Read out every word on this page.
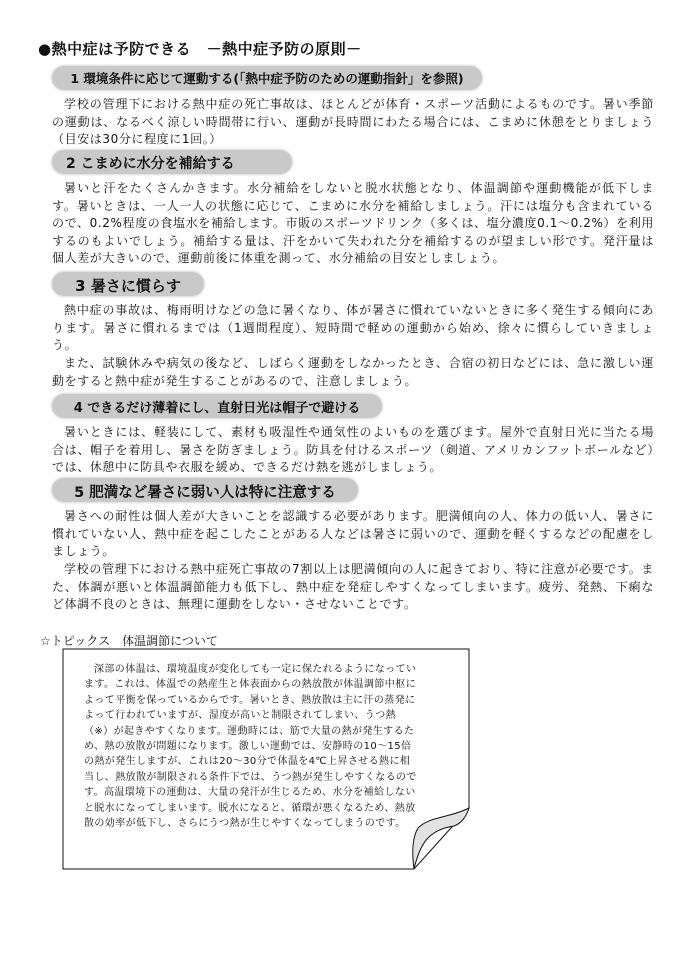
●熱中症は予防できる　－熱中症予防の原則－
1 環境条件に応じて運動する(「熱中症予防のための運動指針」を参照)

学校の管理下における熱中症の死亡事故は、ほとんどが体育・スポーツ活動によるものです。暑い季節の運動は、なるべく涼しい時間帯に行い、運動が長時間にわたる場合には、こまめに休憩をとりましょう（目安は30分に程度に1回。）

2 こまめに水分を補給する

暑いと汗をたくさんかきます。水分補給をしないと脱水状態となり、体温調節や運動機能が低下します。暑いときは、一人一人の状態に応じて、こまめに水分を補給しましょう。汗には塩分も含まれているので、0.2%程度の食塩水を補給します。市販のスポーツドリンク（多くは、塩分濃度0.1～0.2%）を利用するのもよいでしょう。補給する量は、汗をかいて失われた分を補給するのが望ましい形です。発汗量は個人差が大きいので、運動前後に体重を測って、水分補給の目安としましょう。

3 暑さに慣らす

熱中症の事故は、梅雨明けなどの急に暑くなり、体が暑さに慣れていないときに多く発生する傾向にあります。暑さに慣れるまでは（1週間程度）、短時間で軽めの運動から始め、徐々に慣らしていきましょう。

また、試験休みや病気の後など、しばらく運動をしなかったとき、合宿の初日などには、急に激しい運動をすると熱中症が発生することがあるので、注意しましょう。

4 できるだけ薄着にし、直射日光は帽子で避ける

暑いときには、軽装にして、素材も吸湿性や通気性のよいものを選びます。屋外で直射日光に当たる場合は、帽子を着用し、暑さを防ぎましょう。防具を付けるスポーツ（剣道、アメリカンフットボールなど）では、休憩中に防具や衣服を緩め、できるだけ熱を逃がしましょう。

5 肥満など暑さに弱い人は特に注意する

暑さへの耐性は個人差が大きいことを認識する必要があります。肥満傾向の人、体力の低い人、暑さに慣れていない人、熱中症を起こしたことがある人などは暑さに弱いので、運動を軽くするなどの配慮をしましょう。

学校の管理下における熱中症死亡事故の7割以上は肥満傾向の人に起きており、特に注意が必要です。また、体調が悪いと体温調節能力も低下し、熱中症を発症しやすくなってしまいます。疲労、発熱、下痢など体調不良のときは、無理に運動をしない・させないことです。

☆トピックス　体温調節について

深部の体温は、環境温度が変化しても一定に保たれるようになっています。これは、体温での熱産生と体表面からの熱放散が体温調節中枢によって平衡を保っているからです。暑いとき、熱放散は主に汗の蒸発によって行われていますが、湿度が高いと制限されてしまい、うつ熱（※）が起きやすくなります。運動時には、筋で大量の熱が発生するため、熱の放散が問題になります。激しい運動では、安静時の10～15倍の熱が発生しますが、これは20～30分で体温を4℃上昇させる熱に相当し、熱放散が制限される条件下では、うつ熱が発生しやすくなるのです。高温環境下の運動は、大量の発汗が生じるため、水分を補給しないと脱水になってしまいます。脱水になると、循環が悪くなるため、熱放散の効率が低下し、さらにうつ熱が生じやすくなってしまうのです。
